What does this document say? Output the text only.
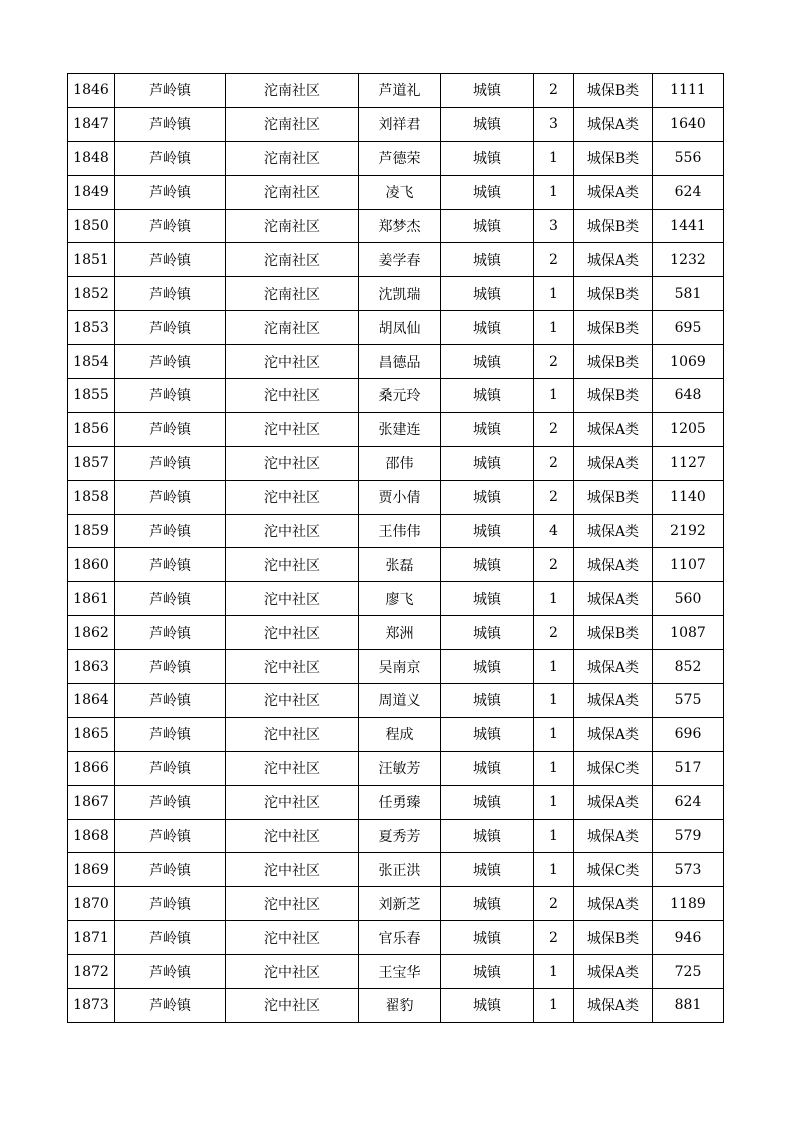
1846	芦岭镇	沱南社区	芦道礼	城镇	2	城保B类	1111
1847	芦岭镇	沱南社区	刘祥君	城镇	3	城保A类	1640
1848	芦岭镇	沱南社区	芦德荣	城镇	1	城保B类	556
1849	芦岭镇	沱南社区	凌飞	城镇	1	城保A类	624
1850	芦岭镇	沱南社区	郑梦杰	城镇	3	城保B类	1441
1851	芦岭镇	沱南社区	姜学春	城镇	2	城保A类	1232
1852	芦岭镇	沱南社区	沈凯瑞	城镇	1	城保B类	581
1853	芦岭镇	沱南社区	胡凤仙	城镇	1	城保B类	695
1854	芦岭镇	沱中社区	昌德品	城镇	2	城保B类	1069
1855	芦岭镇	沱中社区	桑元玲	城镇	1	城保B类	648
1856	芦岭镇	沱中社区	张建连	城镇	2	城保A类	1205
1857	芦岭镇	沱中社区	邵伟	城镇	2	城保A类	1127
1858	芦岭镇	沱中社区	贾小倩	城镇	2	城保B类	1140
1859	芦岭镇	沱中社区	王伟伟	城镇	4	城保A类	2192
1860	芦岭镇	沱中社区	张磊	城镇	2	城保A类	1107
1861	芦岭镇	沱中社区	廖飞	城镇	1	城保A类	560
1862	芦岭镇	沱中社区	郑洲	城镇	2	城保B类	1087
1863	芦岭镇	沱中社区	吴南京	城镇	1	城保A类	852
1864	芦岭镇	沱中社区	周道义	城镇	1	城保A类	575
1865	芦岭镇	沱中社区	程成	城镇	1	城保A类	696
1866	芦岭镇	沱中社区	汪敏芳	城镇	1	城保C类	517
1867	芦岭镇	沱中社区	任勇臻	城镇	1	城保A类	624
1868	芦岭镇	沱中社区	夏秀芳	城镇	1	城保A类	579
1869	芦岭镇	沱中社区	张正洪	城镇	1	城保C类	573
1870	芦岭镇	沱中社区	刘新芝	城镇	2	城保A类	1189
1871	芦岭镇	沱中社区	官乐春	城镇	2	城保B类	946
1872	芦岭镇	沱中社区	王宝华	城镇	1	城保A类	725
1873	芦岭镇	沱中社区	翟豹	城镇	1	城保A类	881
